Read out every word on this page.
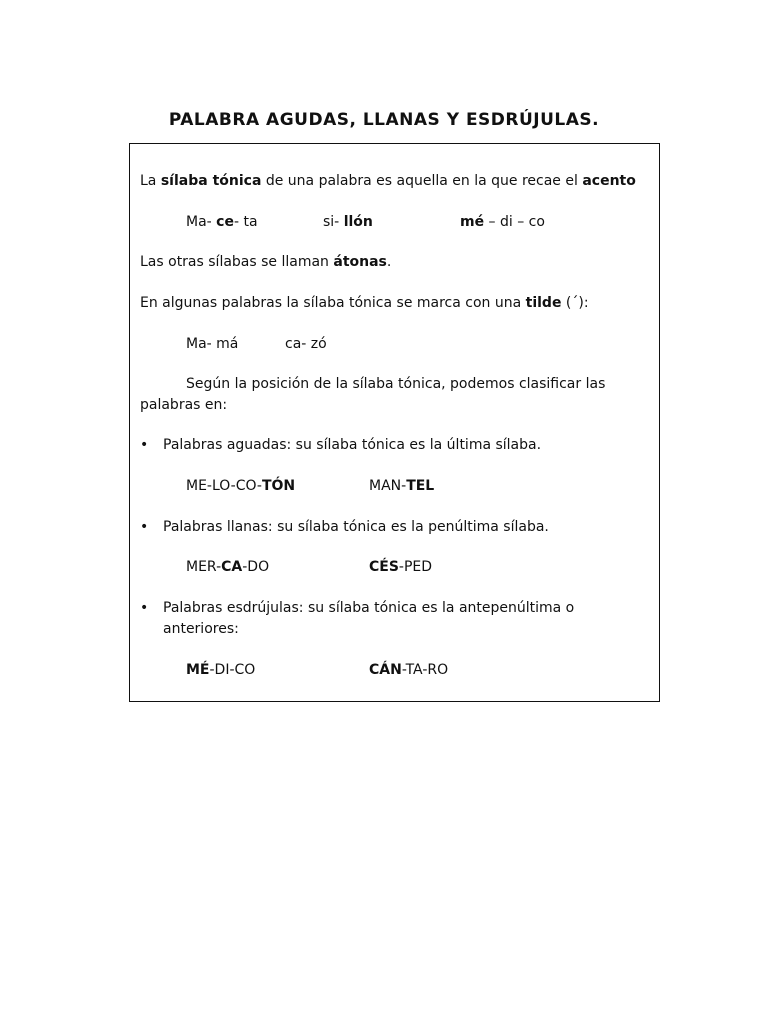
PALABRA AGUDAS, LLANAS Y ESDRÚJULAS.
La sílaba tónica de una palabra es aquella en la que recae el acento
Ma- ce- ta	si- llón	mé – di – co
Las otras sílabas se llaman átonas.
En algunas palabras la sílaba tónica se marca con una tilde (´):
Ma- má	ca- zó
Según la posición de la sílaba tónica, podemos clasificar las
palabras en:
• Palabras aguadas: su sílaba tónica es la última sílaba.
ME-LO-CO-TÓN	MAN-TEL
• Palabras llanas: su sílaba tónica es la penúltima sílaba.
MER-CA-DO	CÉS-PED
• Palabras esdrújulas: su sílaba tónica es la antepenúltima o
anteriores:
MÉ-DI-CO	CÁN-TA-RO
